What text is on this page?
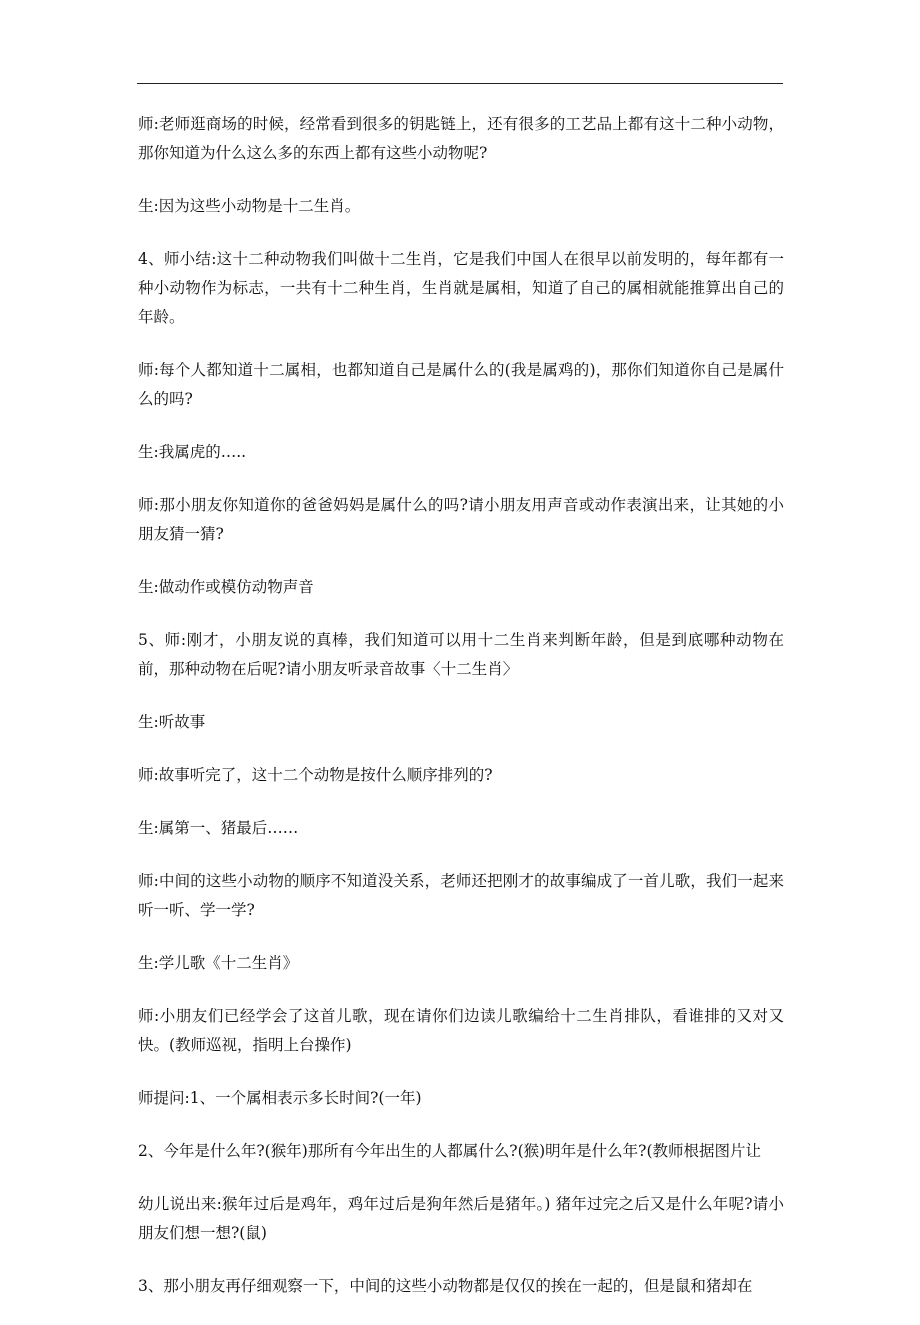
师:老师逛商场的时候，经常看到很多的钥匙链上，还有很多的工艺品上都有这十二种小动物，那你知道为什么这么多的东西上都有这些小动物呢?

生:因为这些小动物是十二生肖。

4、师小结:这十二种动物我们叫做十二生肖，它是我们中国人在很早以前发明的，每年都有一种小动物作为标志，一共有十二种生肖，生肖就是属相，知道了自己的属相就能推算出自己的年龄。

师:每个人都知道十二属相，也都知道自己是属什么的(我是属鸡的)，那你们知道你自己是属什么的吗?

生:我属虎的…..

师:那小朋友你知道你的爸爸妈妈是属什么的吗?请小朋友用声音或动作表演出来，让其她的小朋友猜一猜?

生:做动作或模仿动物声音

5、师:刚才，小朋友说的真棒，我们知道可以用十二生肖来判断年龄，但是到底哪种动物在前，那种动物在后呢?请小朋友听录音故事〈十二生肖〉

生:听故事

师:故事听完了，这十二个动物是按什么顺序排列的?

生:属第一、猪最后……

师:中间的这些小动物的顺序不知道没关系，老师还把刚才的故事编成了一首儿歌，我们一起来听一听、学一学?

生:学儿歌《十二生肖》

师:小朋友们已经学会了这首儿歌，现在请你们边读儿歌编给十二生肖排队，看谁排的又对又快。(教师巡视，指明上台操作)

师提问:1、一个属相表示多长时间?(一年)

2、今年是什么年?(猴年)那所有今年出生的人都属什么?(猴)明年是什么年?(教师根据图片让

幼儿说出来:猴年过后是鸡年，鸡年过后是狗年然后是猪年。) 猪年过完之后又是什么年呢?请小朋友们想一想?(鼠)

3、那小朋友再仔细观察一下，中间的这些小动物都是仅仅的挨在一起的，但是鼠和猪却在
